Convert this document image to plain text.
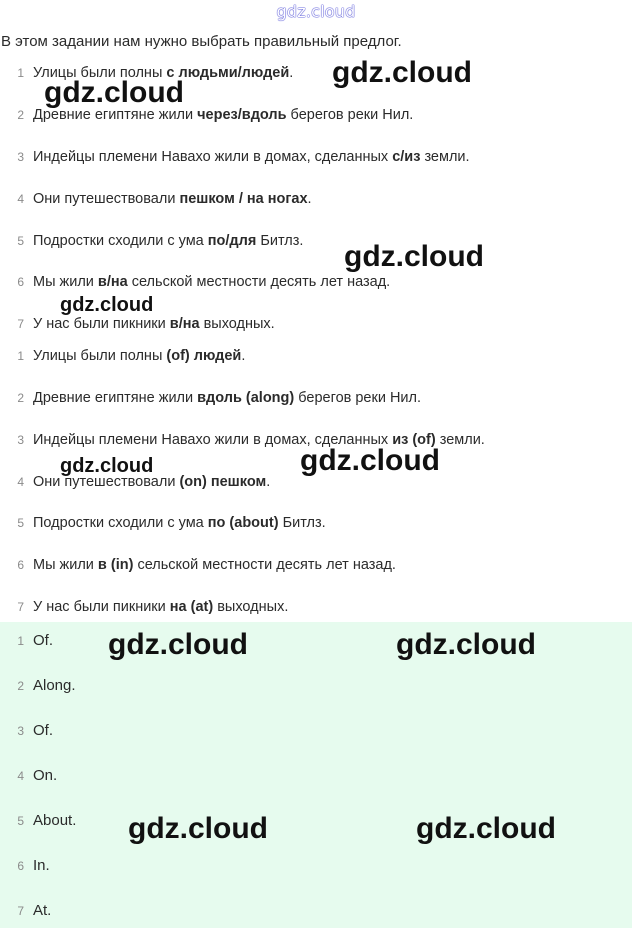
gdz.cloud
В этом задании нам нужно выбрать правильный предлог.
1 Улицы были полны с людьми/людей.
2 Древние египтяне жили через/вдоль берегов реки Нил.
3 Индейцы племени Навахо жили в домах, сделанных с/из земли.
4 Они путешествовали пешком / на ногах.
5 Подростки сходили с ума по/для Битлз.
6 Мы жили в/на сельской местности десять лет назад.
7 У нас были пикники в/на выходных.
1 Улицы были полны (of) людей.
2 Древние египтяне жили вдоль (along) берегов реки Нил.
3 Индейцы племени Навахо жили в домах, сделанных из (of) земли.
4 Они путешествовали (on) пешком.
5 Подростки сходили с ума по (about) Битлз.
6 Мы жили в (in) сельской местности десять лет назад.
7 У нас были пикники на (at) выходных.
1 Of.
2 Along.
3 Of.
4 On.
5 About.
6 In.
7 At.
gdz.cloud
gdz.cloud
gdz.cloud
gdz.cloud
gdz.cloud	gdz.cloud
gdz.cloud	gdz.cloud
gdz.cloud	gdz.cloud
